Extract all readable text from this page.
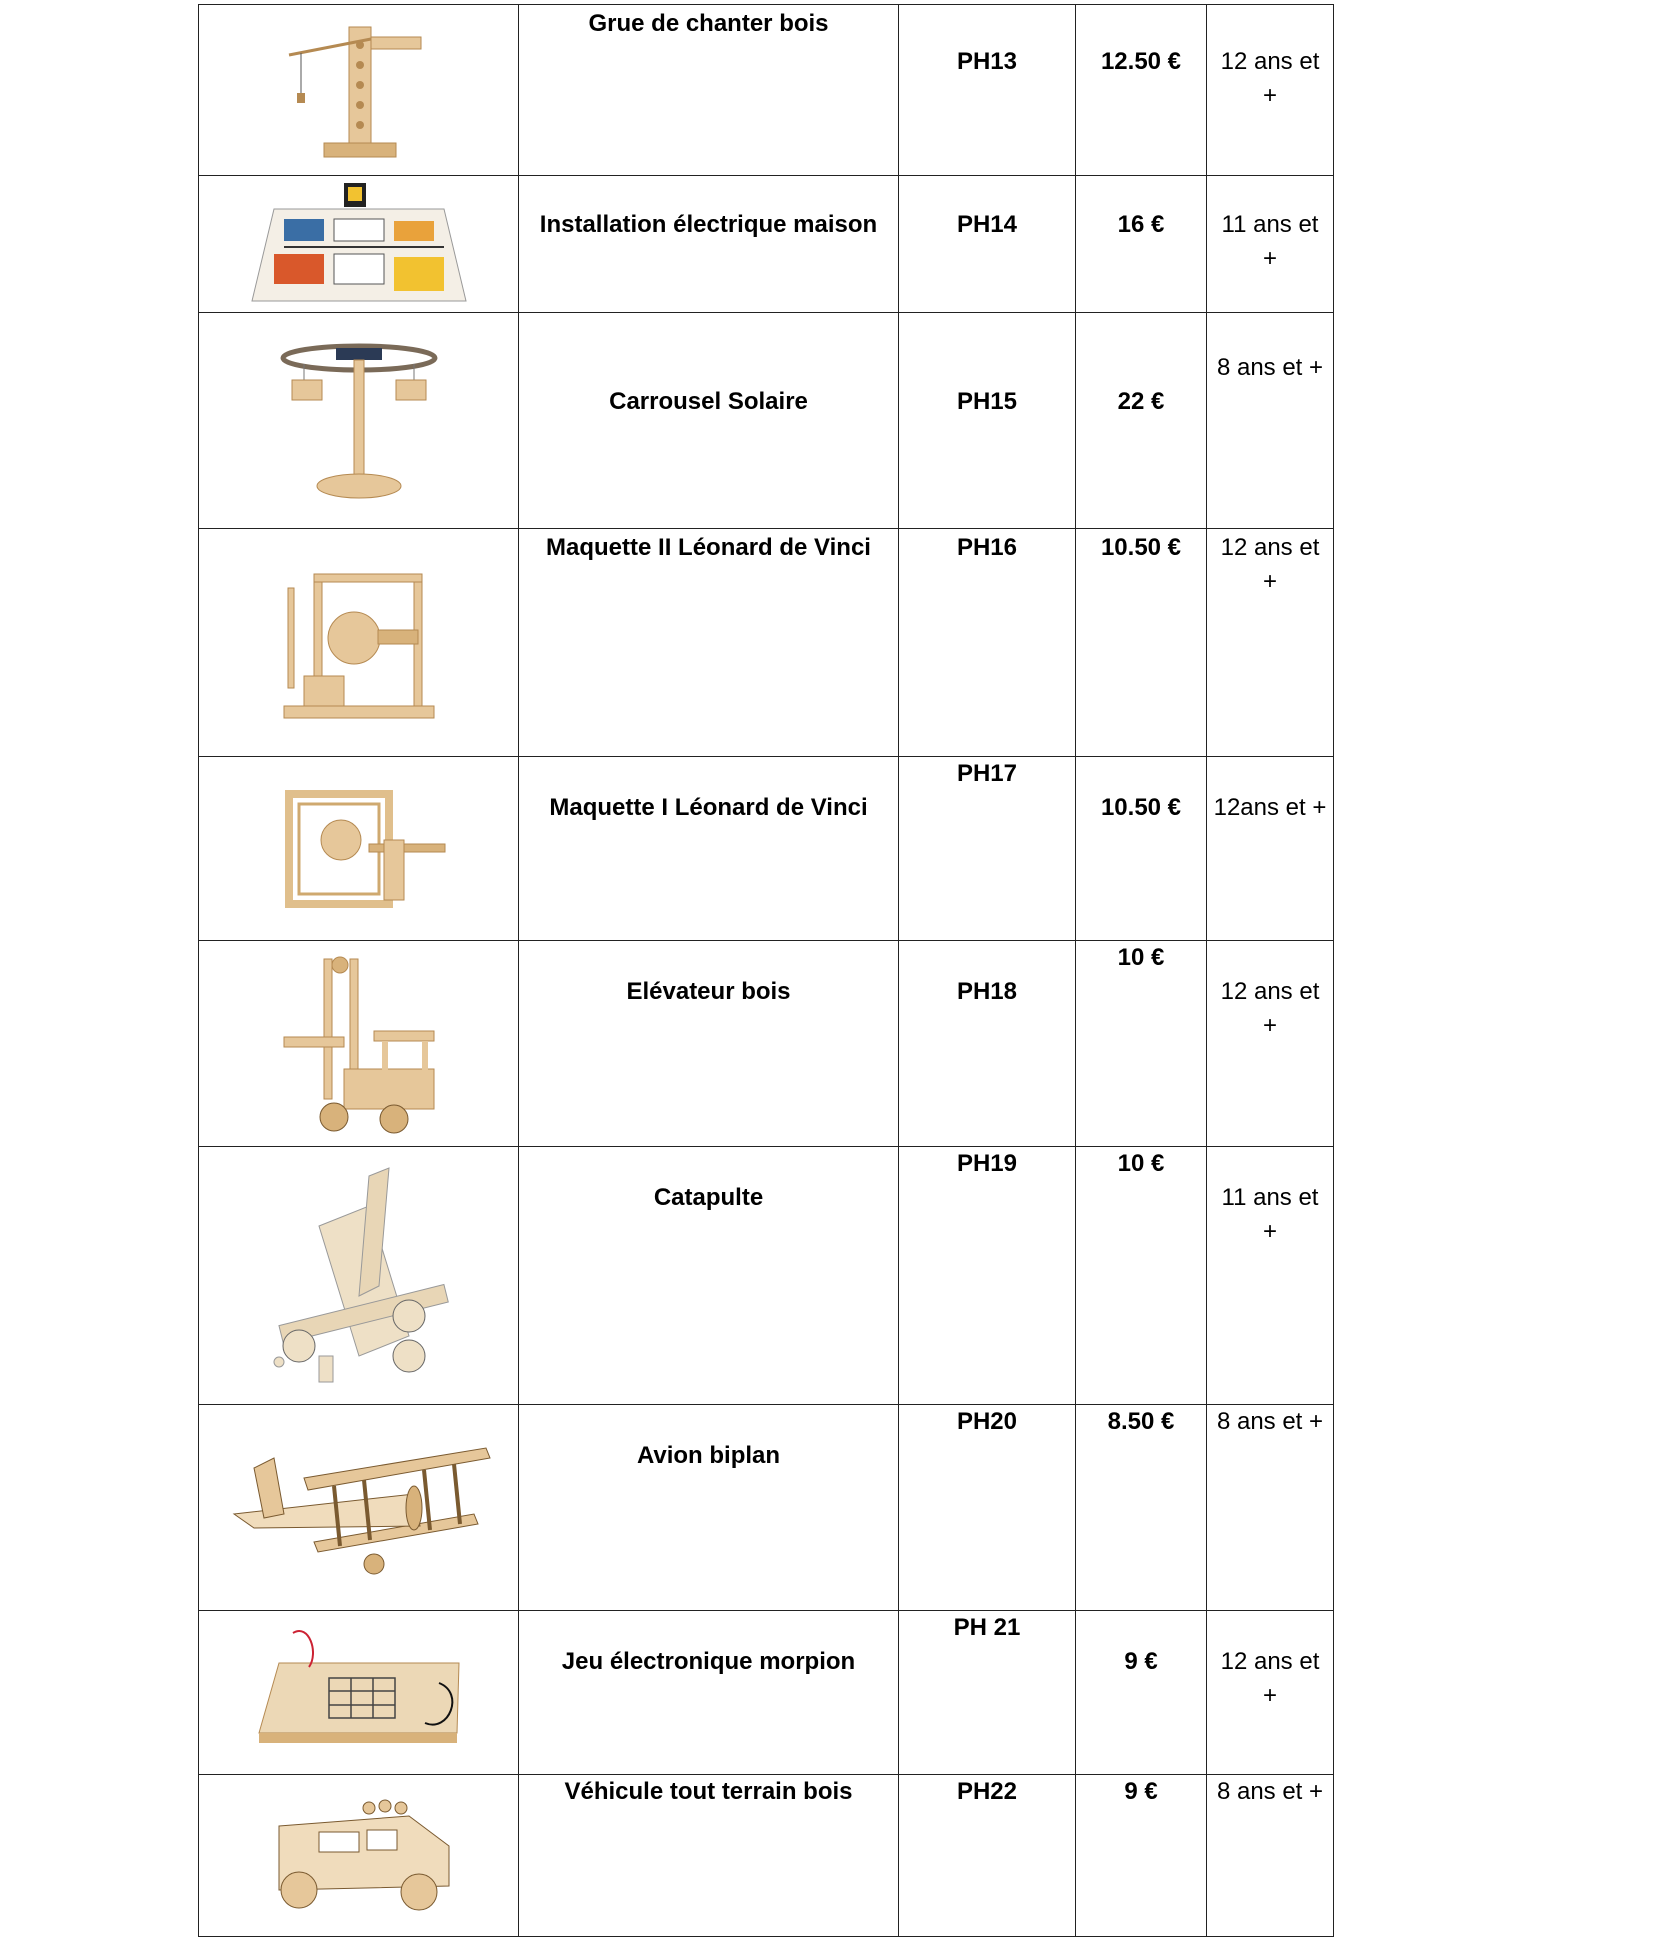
Grue de chanter bois	PH13	12.50 €	12 ans et +

Installation électrique maison	PH14	16 €	11 ans et +

Carrousel Solaire	PH15	22 €	8 ans et +

Maquette II Léonard de Vinci	PH16	10.50 €	12 ans et +

Maquette I Léonard de Vinci	PH17	10.50 €	12ans et +

Elévateur bois	PH18	10 €	12 ans et +

Catapulte	PH19	10 €	11 ans et +

Avion biplan	PH20	8.50 €	8 ans et +

Jeu électronique morpion	PH 21	9 €	12 ans et +

Véhicule tout terrain bois	PH22	9 €	8 ans et +
